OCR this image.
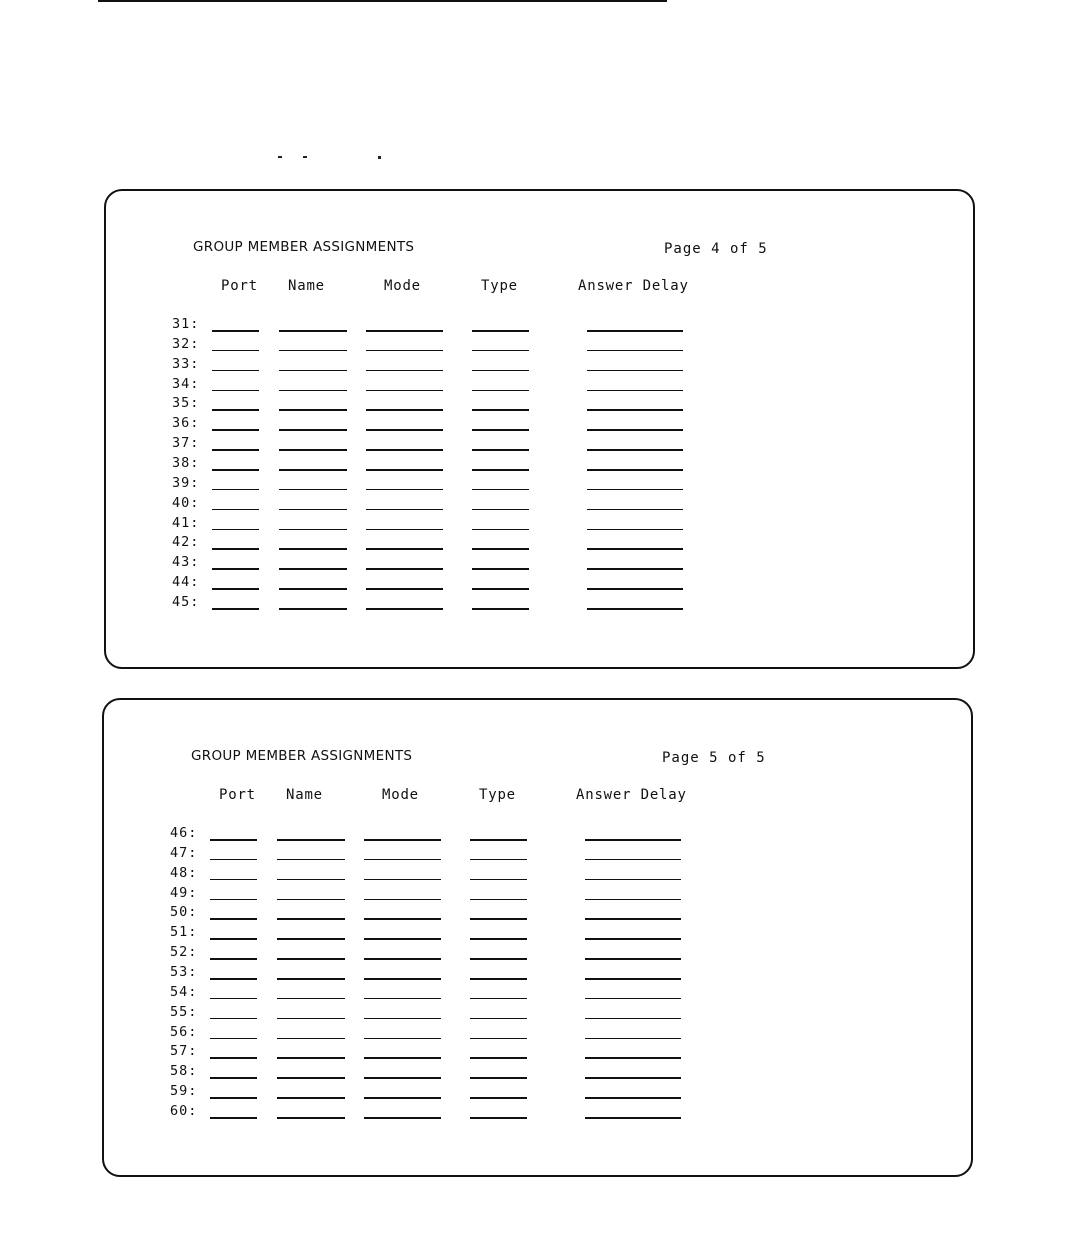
GROUP MEMBER ASSIGNMENTS	Page 4 of 5
Port Name	Mode	Type	Answer Delay
31:
32:
33:
34:
35:
36:
37:
38:
39:
40:
41:
42:
43:
44:
45:
GROUP MEMBER ASSIGNMENTS	Page 5 of 5
Port Name	Mode	Type	Answer Delay
46:
47:
48:
49:
50:
51:
52:
53:
54:
55:
56:
57:
58:
59:
60:
